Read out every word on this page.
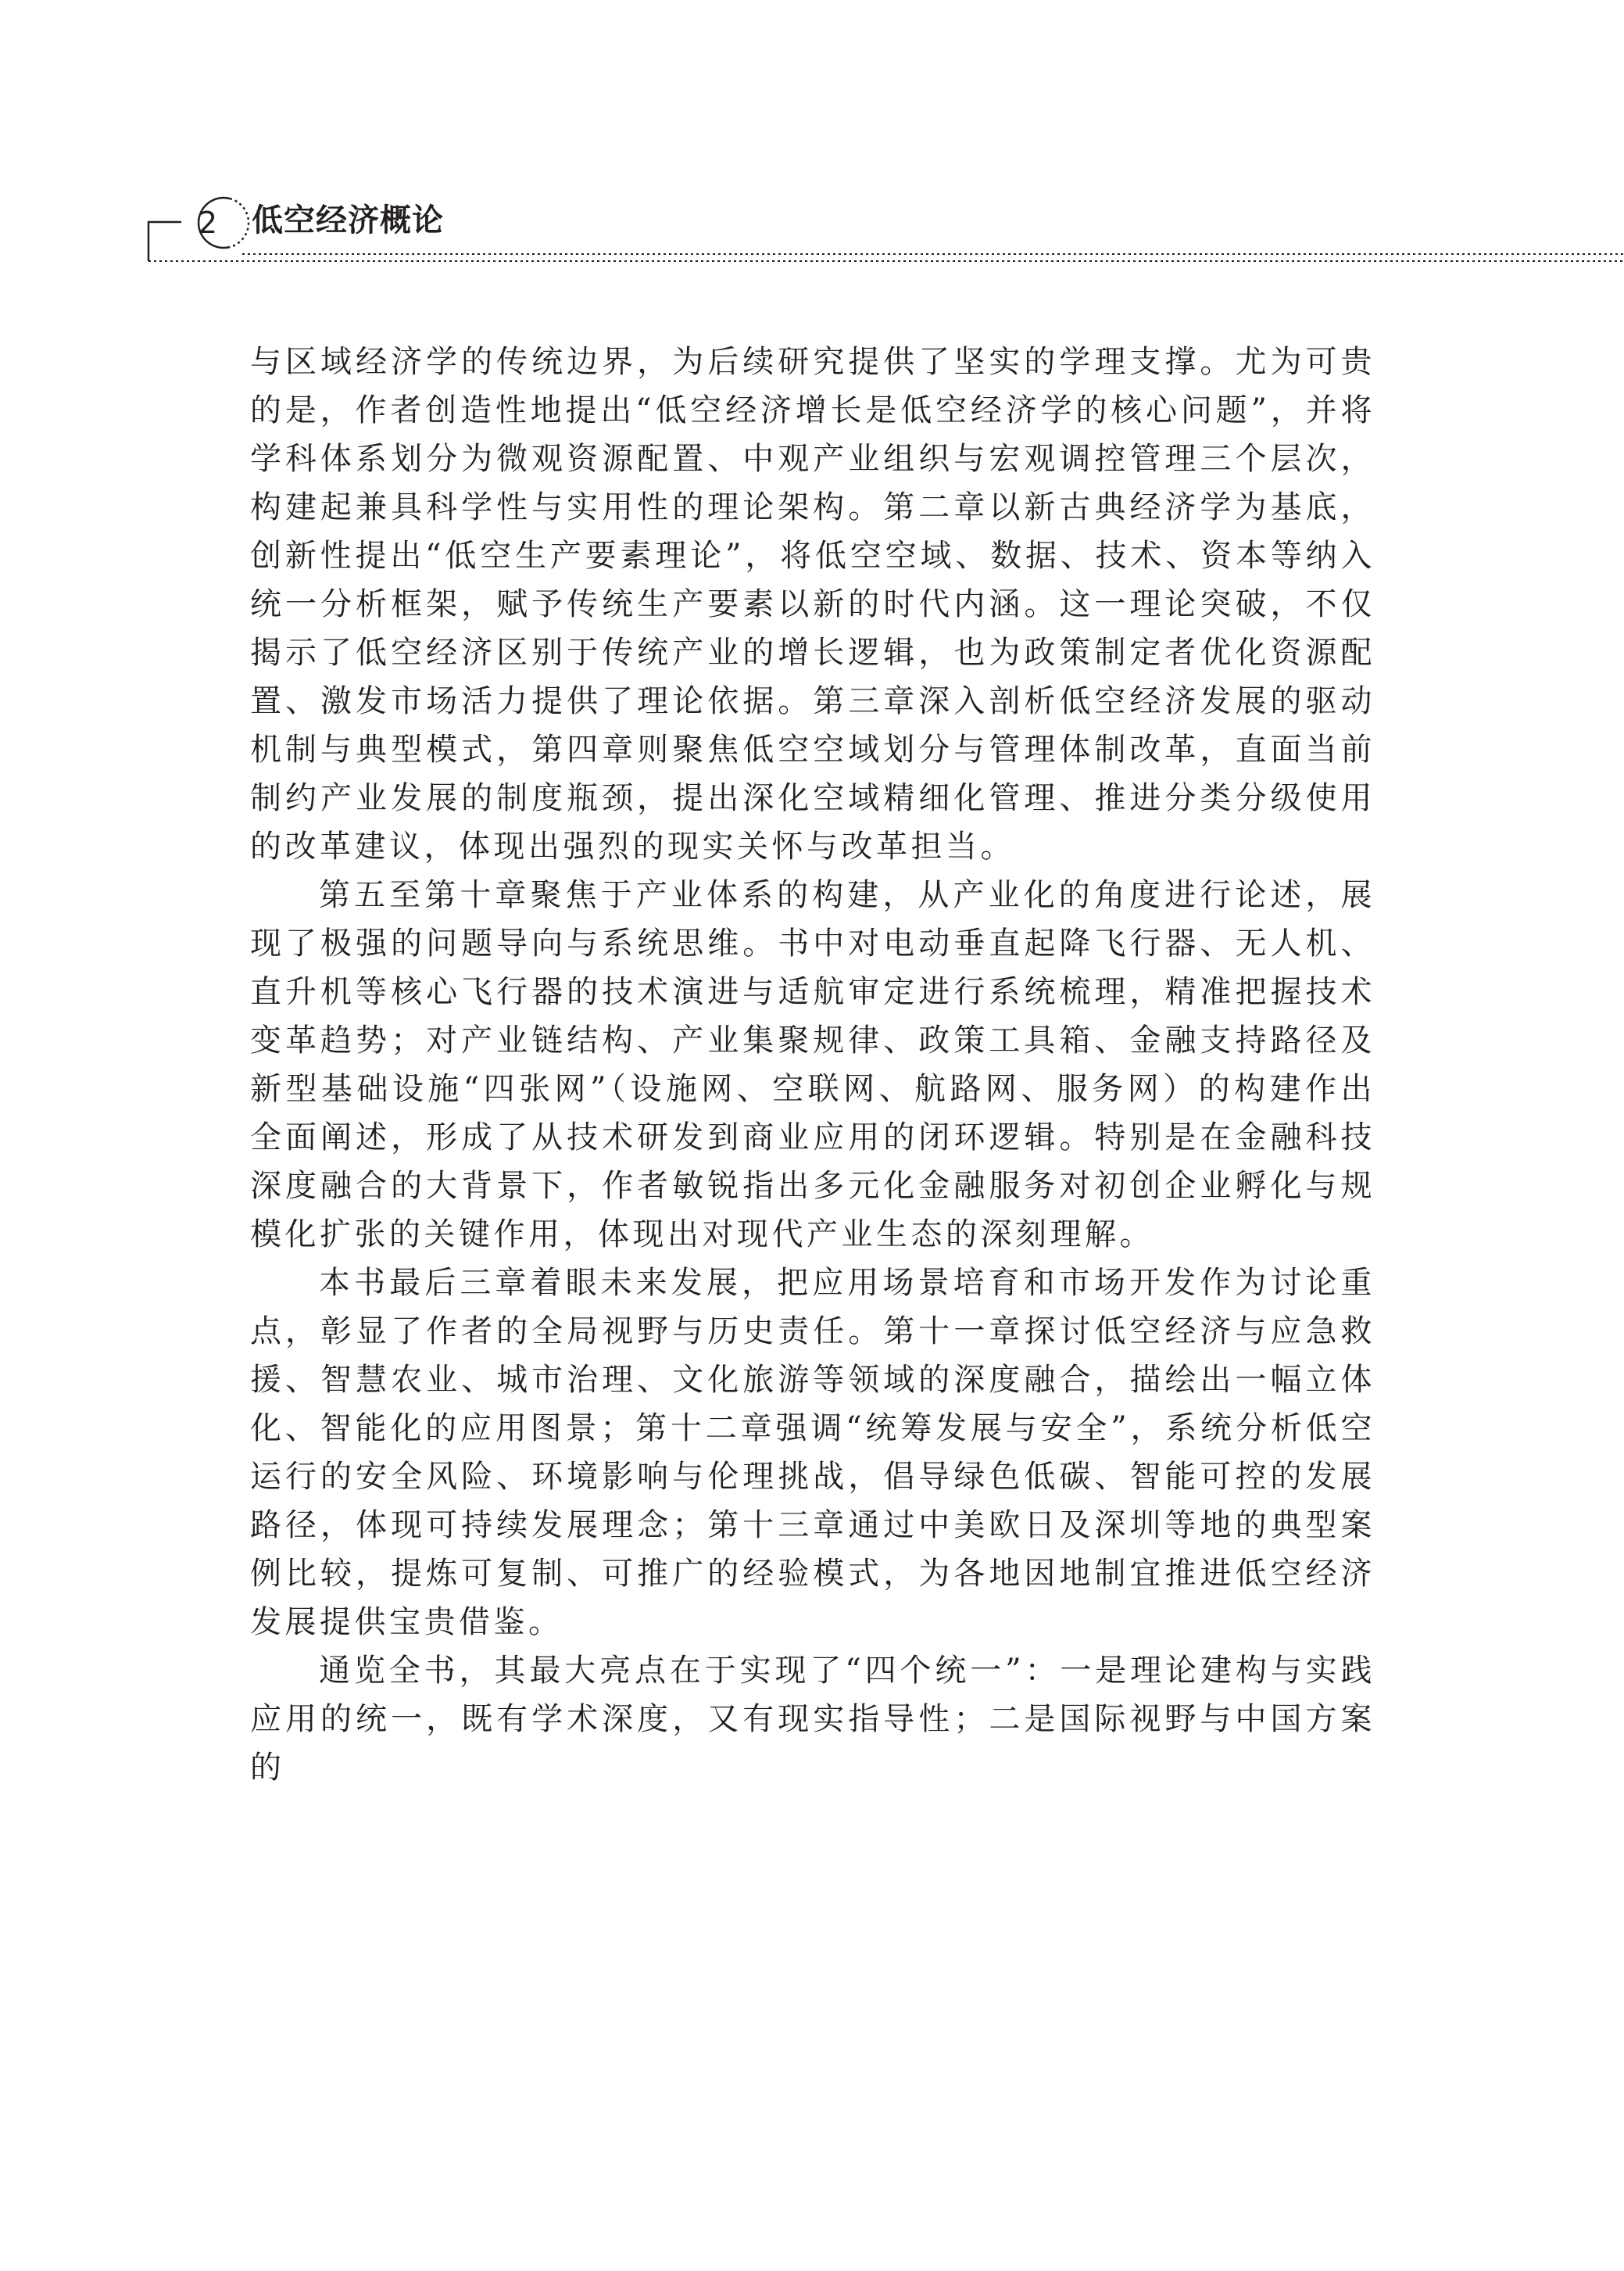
2	低空经济概论

与区域经济学的传统边界，为后续研究提供了坚实的学理支撑。尤为可贵的是，作者创造性地提出“低空经济增长是低空经济学的核心问题”，并将学科体系划分为微观资源配置、中观产业组织与宏观调控管理三个层次，构建起兼具科学性与实用性的理论架构。第二章以新古典经济学为基底，创新性提出“低空生产要素理论”，将低空空域、数据、技术、资本等纳入统一分析框架，赋予传统生产要素以新的时代内涵。这一理论突破，不仅揭示了低空经济区别于传统产业的增长逻辑，也为政策制定者优化资源配置、激发市场活力提供了理论依据。第三章深入剖析低空经济发展的驱动机制与典型模式，第四章则聚焦低空空域划分与管理体制改革，直面当前制约产业发展的制度瓶颈，提出深化空域精细化管理、推进分类分级使用的改革建议，体现出强烈的现实关怀与改革担当。

第五至第十章聚焦于产业体系的构建，从产业化的角度进行论述，展现了极强的问题导向与系统思维。书中对电动垂直起降飞行器、无人机、直升机等核心飞行器的技术演进与适航审定进行系统梳理，精准把握技术变革趋势；对产业链结构、产业集聚规律、政策工具箱、金融支持路径及新型基础设施“四张网”（设施网、空联网、航路网、服务网）的构建作出全面阐述，形成了从技术研发到商业应用的闭环逻辑。特别是在金融科技深度融合的大背景下，作者敏锐指出多元化金融服务对初创企业孵化与规模化扩张的关键作用，体现出对现代产业生态的深刻理解。

本书最后三章着眼未来发展，把应用场景培育和市场开发作为讨论重点，彰显了作者的全局视野与历史责任。第十一章探讨低空经济与应急救援、智慧农业、城市治理、文化旅游等领域的深度融合，描绘出一幅立体化、智能化的应用图景；第十二章强调“统筹发展与安全”，系统分析低空运行的安全风险、环境影响与伦理挑战，倡导绿色低碳、智能可控的发展路径，体现可持续发展理念；第十三章通过中美欧日及深圳等地的典型案例比较，提炼可复制、可推广的经验模式，为各地因地制宜推进低空经济发展提供宝贵借鉴。

通览全书，其最大亮点在于实现了“四个统一”：一是理论建构与实践应用的统一，既有学术深度，又有现实指导性；二是国际视野与中国方案的
